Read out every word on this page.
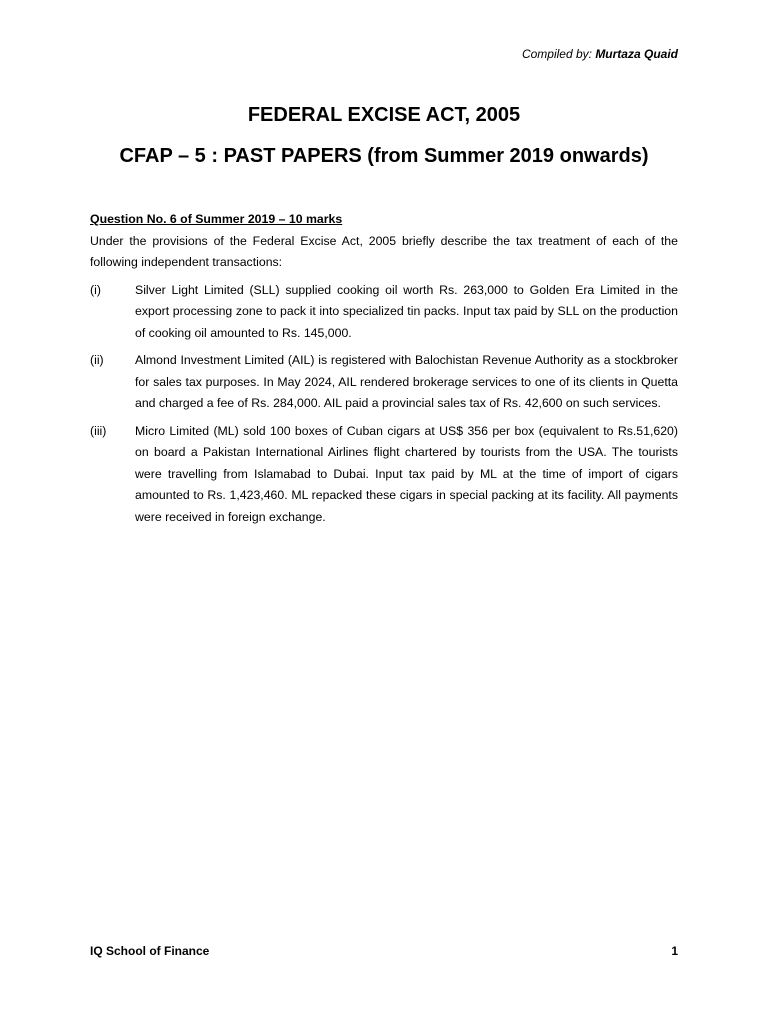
Compiled by: Murtaza Quaid
FEDERAL EXCISE ACT, 2005
CFAP – 5 : PAST PAPERS (from Summer 2019 onwards)

Question No. 6 of Summer 2019 – 10 marks

Under the provisions of the Federal Excise Act, 2005 briefly describe the tax treatment of each of the following independent transactions:

(i)	Silver Light Limited (SLL) supplied cooking oil worth Rs. 263,000 to Golden Era Limited in the export processing zone to pack it into specialized tin packs. Input tax paid by SLL on the production of cooking oil amounted to Rs. 145,000.
(ii)	Almond Investment Limited (AIL) is registered with Balochistan Revenue Authority as a stockbroker for sales tax purposes. In May 2024, AIL rendered brokerage services to one of its clients in Quetta and charged a fee of Rs. 284,000. AIL paid a provincial sales tax of Rs. 42,600 on such services.
(iii)	Micro Limited (ML) sold 100 boxes of Cuban cigars at US$ 356 per box (equivalent to Rs.51,620) on board a Pakistan International Airlines flight chartered by tourists from the USA. The tourists were travelling from Islamabad to Dubai. Input tax paid by ML at the time of import of cigars amounted to Rs. 1,423,460. ML repacked these cigars in special packing at its facility. All payments were received in foreign exchange.
IQ School of Finance	1
